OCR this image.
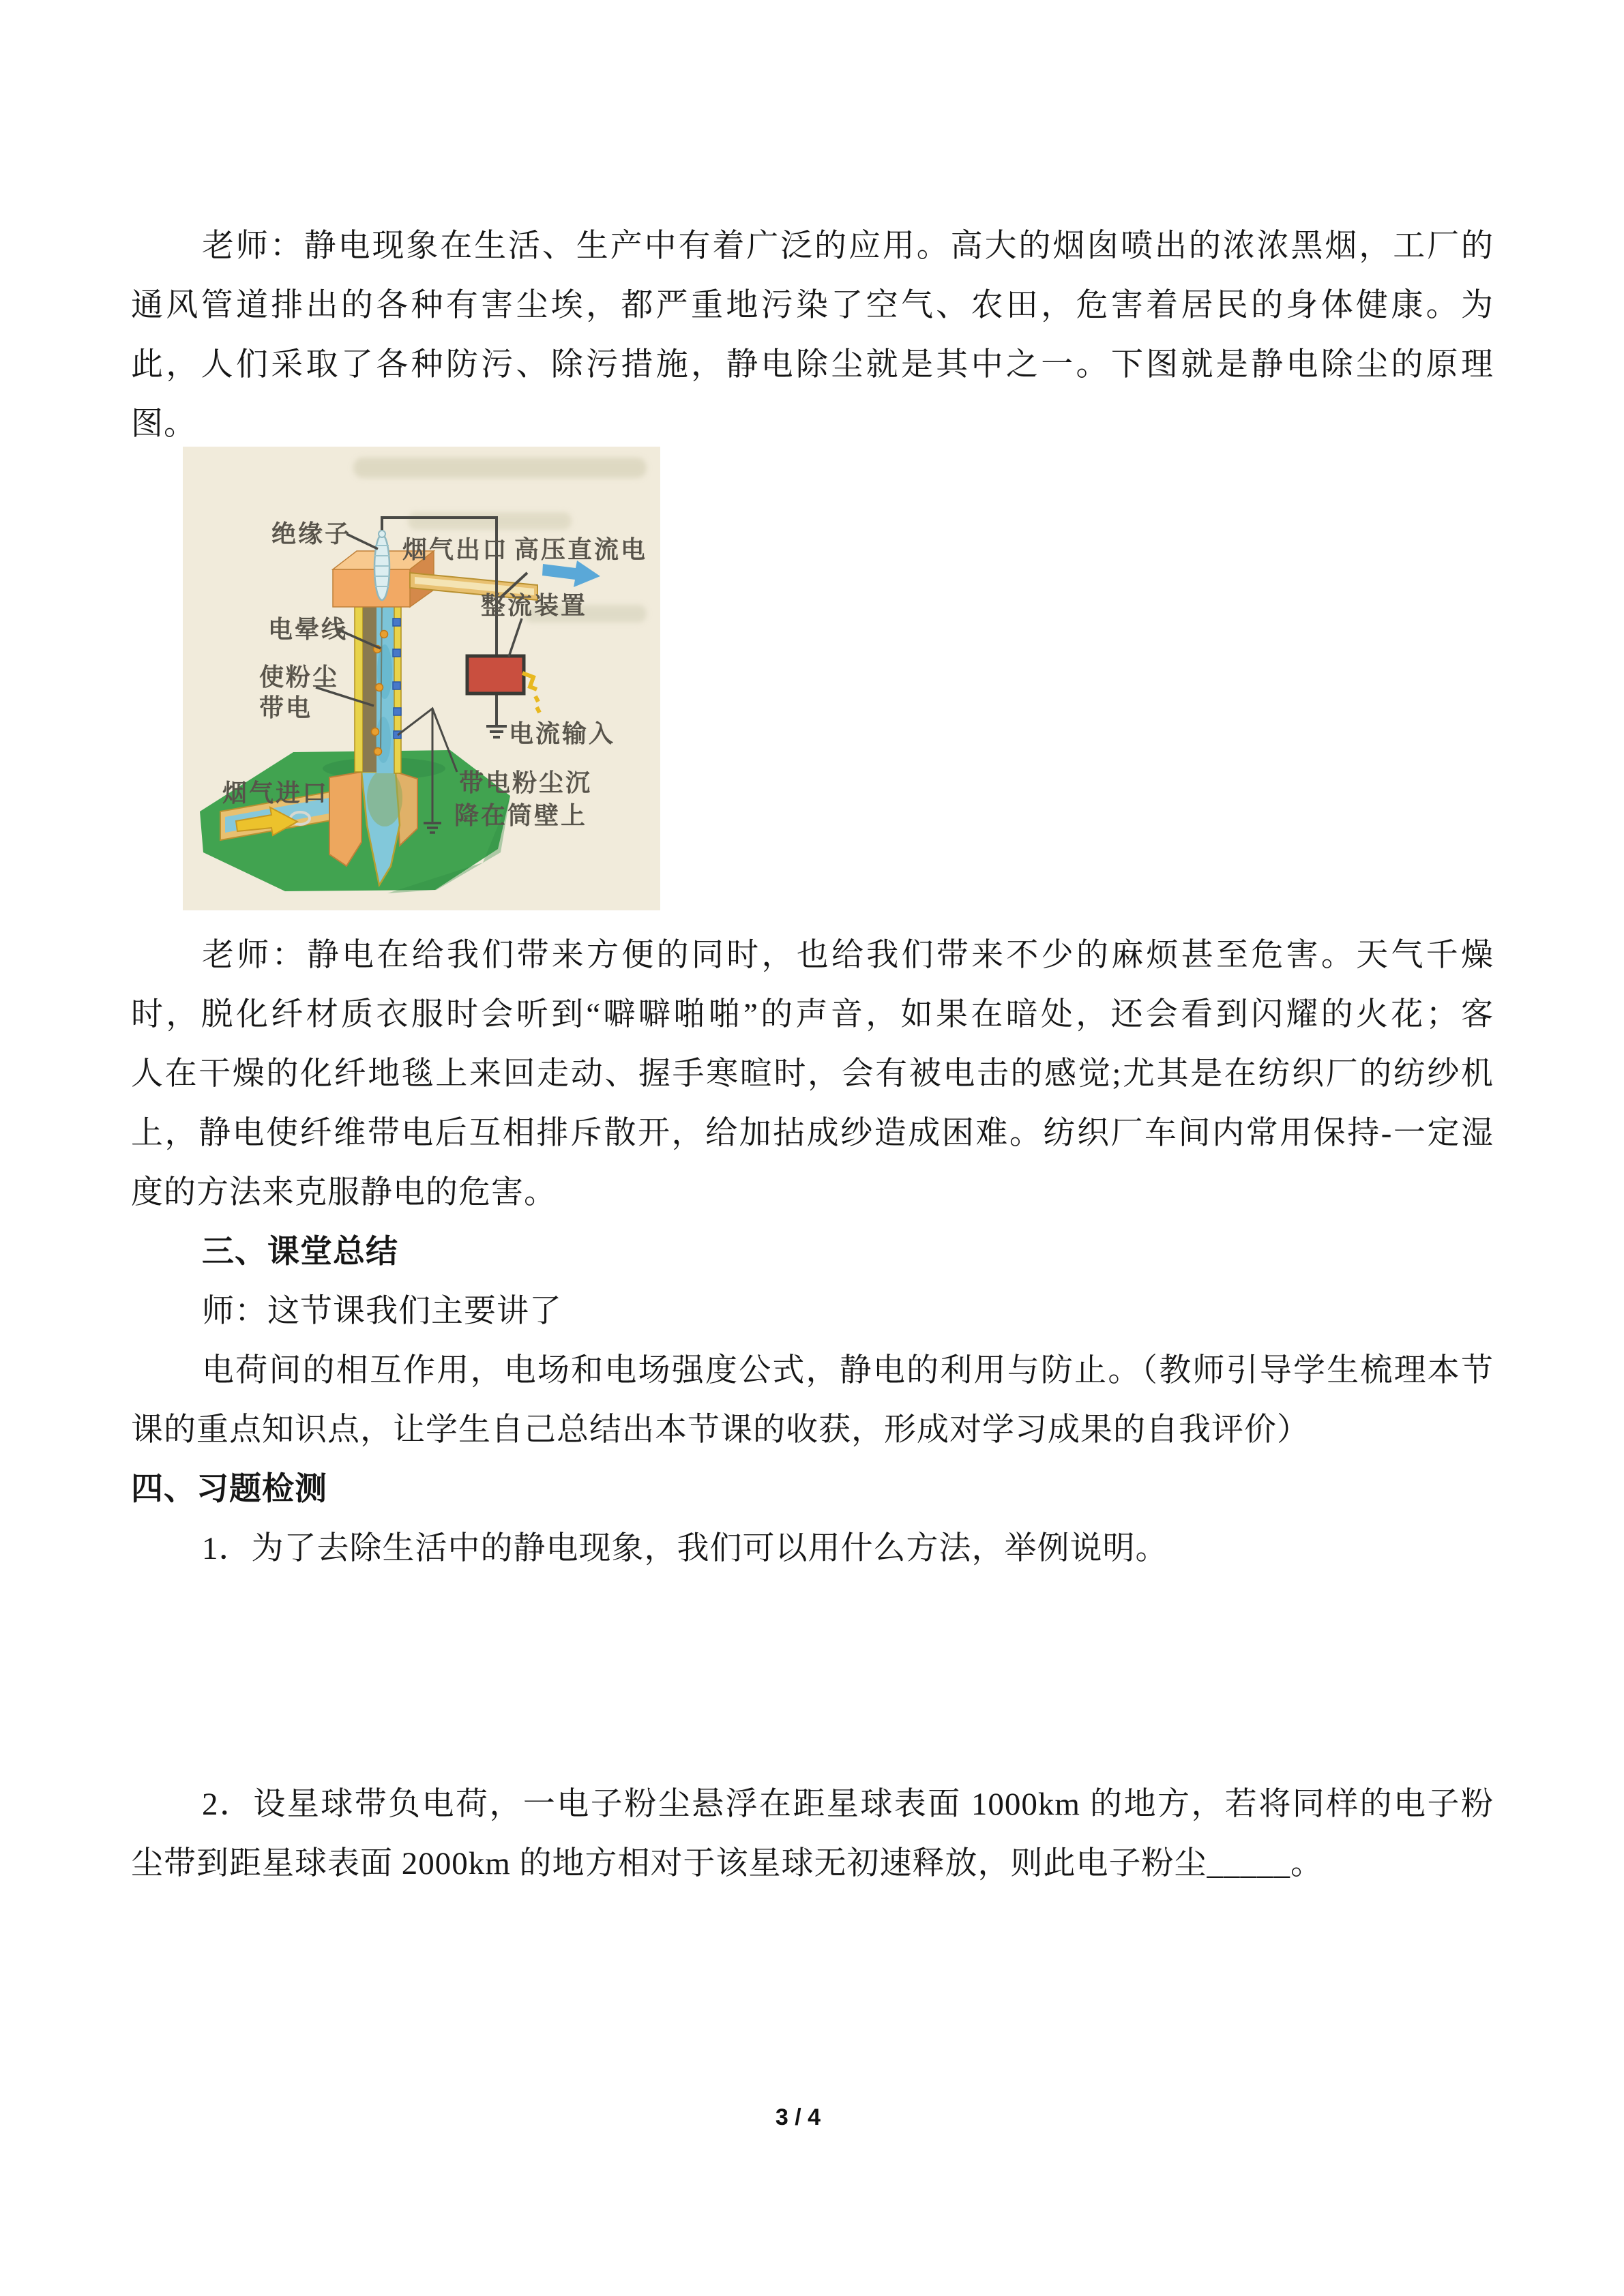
老师：静电现象在生活、生产中有着广泛的应用。高大的烟囱喷出的浓浓黑烟，工厂的
通风管道排出的各种有害尘埃，都严重地污染了空气、农田，危害着居民的身体健康。为
此，人们采取了各种防污、除污措施，静电除尘就是其中之一。下图就是静电除尘的原理
图。
绝缘子
烟气出口 高压直流电
整流装置
电晕线
使粉尘
带电
电流输入
烟气进口	带电粉尘沉
降在筒壁上
老师：静电在给我们带来方便的同时，也给我们带来不少的麻烦甚至危害。天气千燥
时，脱化纤材质衣服时会听到“噼噼啪啪”的声音，如果在暗处，还会看到闪耀的火花；客
人在干燥的化纤地毯上来回走动、握手寒暄时，会有被电击的感觉;尤其是在纺织厂的纺纱机
上，静电使纤维带电后互相排斥散开，给加拈成纱造成困难。纺织厂车间内常用保持-一定湿
度的方法来克服静电的危害。
三、课堂总结
师：这节课我们主要讲了
电荷间的相互作用，电场和电场强度公式，静电的利用与防止。（教师引导学生梳理本节
课的重点知识点，让学生自己总结出本节课的收获，形成对学习成果的自我评价）
四、习题检测
1．为了去除生活中的静电现象，我们可以用什么方法，举例说明。
2．设星球带负电荷，一电子粉尘悬浮在距星球表面 1000km 的地方，若将同样的电子粉
尘带到距星球表面 2000km 的地方相对于该星球无初速释放，则此电子粉尘_____。
3 / 4
